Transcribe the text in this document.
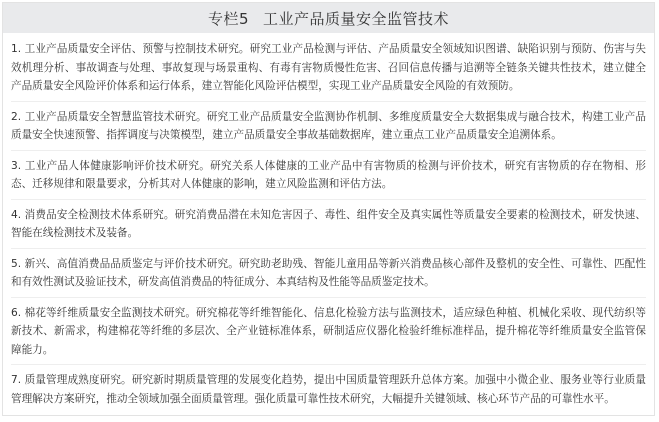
专栏5 工业产品质量安全监管技术
1. 工业产品质量安全评估、预警与控制技术研究。研究工业产品检测与评估、产品质量安全领域知识图谱、缺陷识别与预防、伤害与失效机理分析、事故调查与处理、事故复现与场景重构、有毒有害物质慢性危害、召回信息传播与追溯等全链条关键共性技术，建立健全产品质量安全风险评价体系和运行体系，建立智能化风险评估模型，实现工业产品质量安全风险的有效预防。
2. 工业产品质量安全智慧监管技术研究。研究工业产品质量安全监测协作机制、多维度质量安全大数据集成与融合技术，构建工业产品质量安全快速预警、指挥调度与决策模型，建立产品质量安全事故基础数据库，建立重点工业产品质量安全追溯体系。
3. 工业产品人体健康影响评价技术研究。研究关系人体健康的工业产品中有害物质的检测与评价技术，研究有害物质的存在物相、形态、迁移规律和限量要求，分析其对人体健康的影响，建立风险监测和评估方法。
4. 消费品安全检测技术体系研究。研究消费品潜在未知危害因子、毒性、组件安全及真实属性等质量安全要素的检测技术，研发快速、智能在线检测技术及装备。
5. 新兴、高值消费品品质鉴定与评价技术研究。研究助老助残、智能儿童用品等新兴消费品核心部件及整机的安全性、可靠性、匹配性和有效性测试及验证技术，研发高值消费品的特征成分、本真结构及性能等品质鉴定技术。
6. 棉花等纤维质量安全监测技术研究。研究棉花等纤维智能化、信息化检验方法与监测技术，适应绿色种植、机械化采收、现代纺织等新技术、新需求，构建棉花等纤维的多层次、全产业链标准体系，研制适应仪器化检验纤维标准样品，提升棉花等纤维质量安全监管保障能力。
7. 质量管理成熟度研究。研究新时期质量管理的发展变化趋势，提出中国质量管理跃升总体方案。加强中小微企业、服务业等行业质量管理解决方案研究，推动全领域加强全面质量管理。强化质量可靠性技术研究，大幅提升关键领域、核心环节产品的可靠性水平。
